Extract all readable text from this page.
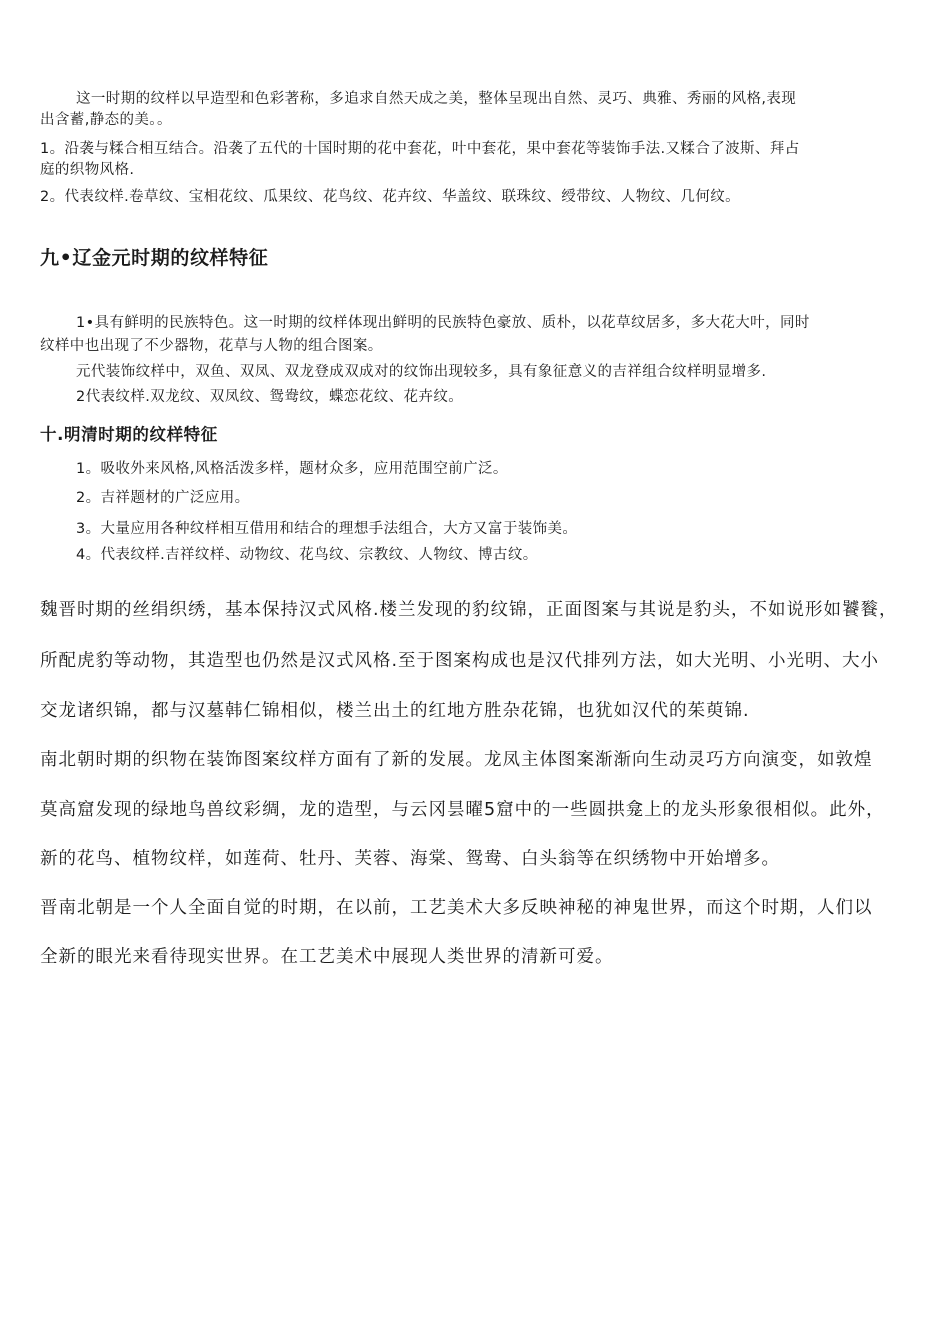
这一时期的纹样以早造型和色彩著称，多追求自然天成之美，整体呈现出自然、灵巧、典雅、秀丽的风格,表现

出含蓄,静态的美。。

1。沿袭与糅合相互结合。沿袭了五代的十国时期的花中套花，叶中套花，果中套花等装饰手法.又糅合了波斯、拜占

庭的织物风格.

2。代表纹样.卷草纹、宝相花纹、瓜果纹、花鸟纹、花卉纹、华盖纹、联珠纹、绶带纹、人物纹、几何纹。

九•辽金元时期的纹样特征

1•具有鲜明的民族特色。这一时期的纹样体现出鲜明的民族特色豪放、质朴，以花草纹居多，多大花大叶，同时

纹样中也出现了不少器物，花草与人物的组合图案。

元代装饰纹样中，双鱼、双凤、双龙登成双成对的纹饰出现较多，具有象征意义的吉祥组合纹样明显增多.

2代表纹样.双龙纹、双凤纹、鸳鸯纹，蝶恋花纹、花卉纹。

十.明清时期的纹样特征

1。吸收外来风格,风格活泼多样，题材众多，应用范围空前广泛。

2。吉祥题材的广泛应用。

3。大量应用各种纹样相互借用和结合的理想手法组合，大方又富于装饰美。

4。代表纹样.吉祥纹样、动物纹、花鸟纹、宗教纹、人物纹、博古纹。

魏晋时期的丝绢织绣，基本保持汉式风格.楼兰发现的豹纹锦，正面图案与其说是豹头，不如说形如饕餮，

所配虎豹等动物，其造型也仍然是汉式风格.至于图案构成也是汉代排列方法，如大光明、小光明、大小

交龙诸织锦，都与汉墓韩仁锦相似，楼兰出土的红地方胜杂花锦，也犹如汉代的茱萸锦.

南北朝时期的织物在装饰图案纹样方面有了新的发展。龙凤主体图案渐渐向生动灵巧方向演变，如敦煌

莫高窟发现的绿地鸟兽纹彩绸，龙的造型，与云冈昙曜5窟中的一些圆拱龛上的龙头形象很相似。此外，

新的花鸟、植物纹样，如莲荷、牡丹、芙蓉、海棠、鸳鸯、白头翁等在织绣物中开始增多。

晋南北朝是一个人全面自觉的时期，在以前，工艺美术大多反映神秘的神鬼世界，而这个时期，人们以

全新的眼光来看待现实世界。在工艺美术中展现人类世界的清新可爱。
